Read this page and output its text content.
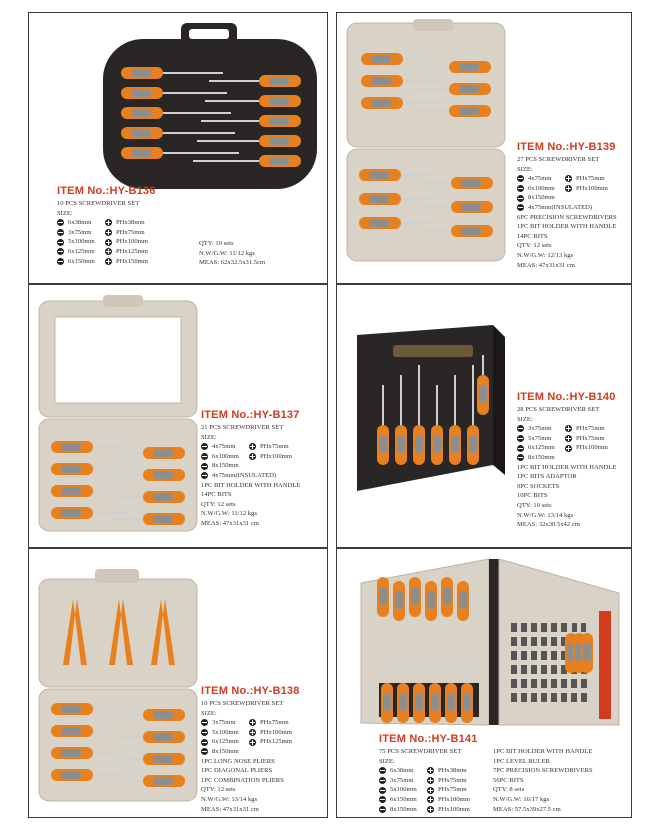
ITEM No.:HY-B136
10 PCS SCREWDRIVER SET
SIZE:
6x38mm	PHx38mm
3x75mm	PHx75mm
5x100mm	PHx100mm
6x125mm	PHx125mm
6x150mm	PHx150mm
QTY: 10 sets
N.W/G.W: 11/12 kgs
MEAS: 62x32.5x31.5cm
ITEM No.:HY-B139
27 PCS SCREWDRIVER SET
SIZE:
4x75mm	PHx75mm
6x100mm	PHx100mm
8x150mm
4x75mm(INSULATED)
6PC PRECISION SCREWDRIVERS
1PC BIT HOLDER WITH HANDLE
14PC BITS
QTY: 12 sets
N.W/G.W: 12/13 kgs
MEAS: 47x31x31 cm
ITEM No.:HY-B137
21 PCS SCREWDRIVER SET
SIZE:
4x75mm	PHx75mm
6x100mm	PHx100mm
8x150mm
4x75mm(INSULATED)
1PC BIT HOLDER WITH HANDLE
14PC BITS
QTY: 12 sets
N.W/G.W: 11/12 kgs
MEAS: 47x31x31 cm
ITEM No.:HY-B140
28 PCS SCREWDRIVER SET
SIZE:
3x75mm	PHx75mm
5x75mm	PHx75mm
6x125mm	PHx100mm
8x150mm
1PC BIT HOLDER WITH HANDLE
1PC BITS ADAPTOR
9PC SOCKETS
10PC BITS
QTY: 10 sets
N.W/G.W: 13/14 kgs
MEAS: 32x30.5x42 cm
ITEM No.:HY-B138
10 PCS SCREWDRIVER SET
SIZE:
3x75mm	PHx75mm
5x100mm	PHx100mm
6x125mm	PHx125mm
8x150mm
1PC LONG NOSE PLIERS
1PC DIAGONAL PLIERS
1PC COMBINATION PLIERS
QTY: 12 sets
N.W/G.W: 13/14 kgs
MEAS: 47x31x31 cm
ITEM No.:HY-B141
75 PCS SCREWDRIVER SET
SIZE:
6x38mm	PHx38mm
3x75mm	PHx75mm
5x100mm	PHx75mm
6x150mm	PHx100mm
8x150mm	PHx100mm
1PC BIT HOLDER WITH HANDLE
1PC LEVEL RULER
7PC PRECISION SCREWDRIVERS
56PC BITS
QTY: 8 sets
N.W/G.W: 16/17 kgs
MEAS: 57.5x39x27.5 cm
